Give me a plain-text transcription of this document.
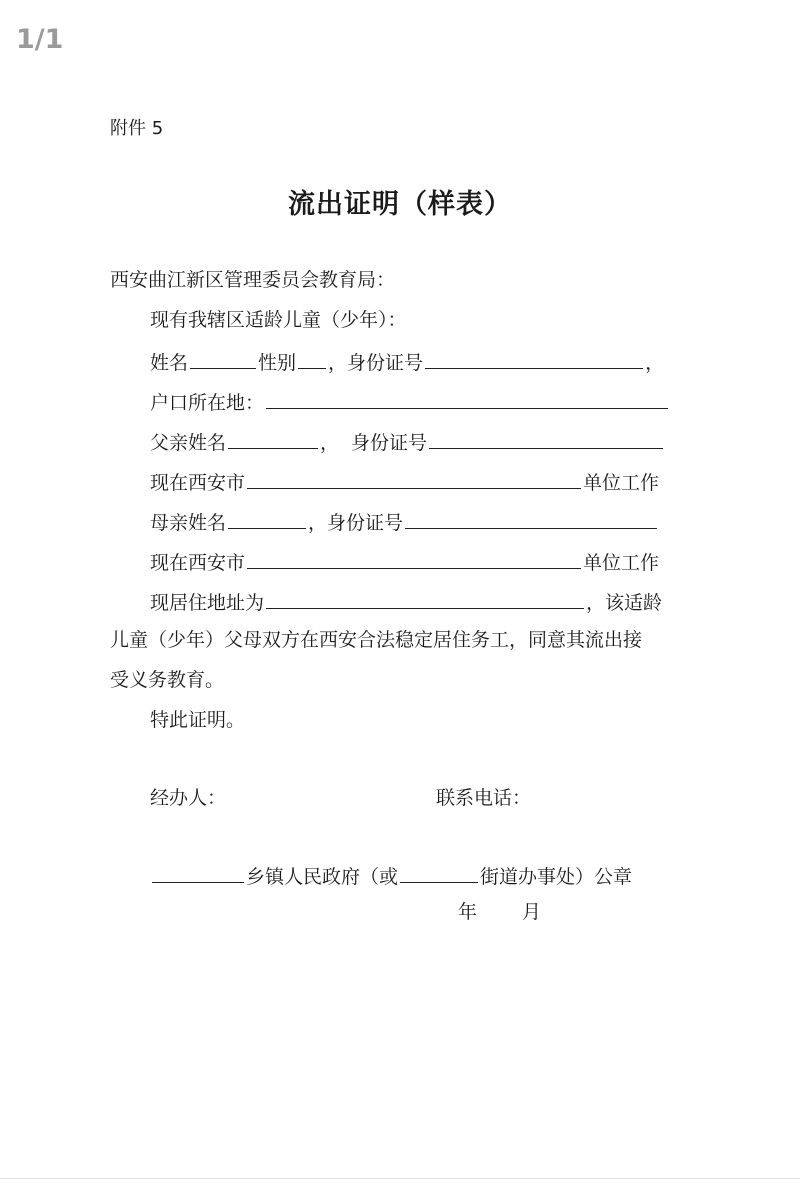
1/1
附件 5
流出证明（样表）
西安曲江新区管理委员会教育局：
现有我辖区适龄儿童（少年）：
姓名	性别 ，身份证号	，
户口所在地：
父亲姓名	， 身份证号
现在西安市	单位工作
母亲姓名	，身份证号
现在西安市	单位工作
现居住地址为	，该适龄
儿童（少年）父母双方在西安合法稳定居住务工，同意其流出接
受义务教育。
特此证明。
经办人：	联系电话：
乡镇人民政府（或	街道办事处）公章
年 月
